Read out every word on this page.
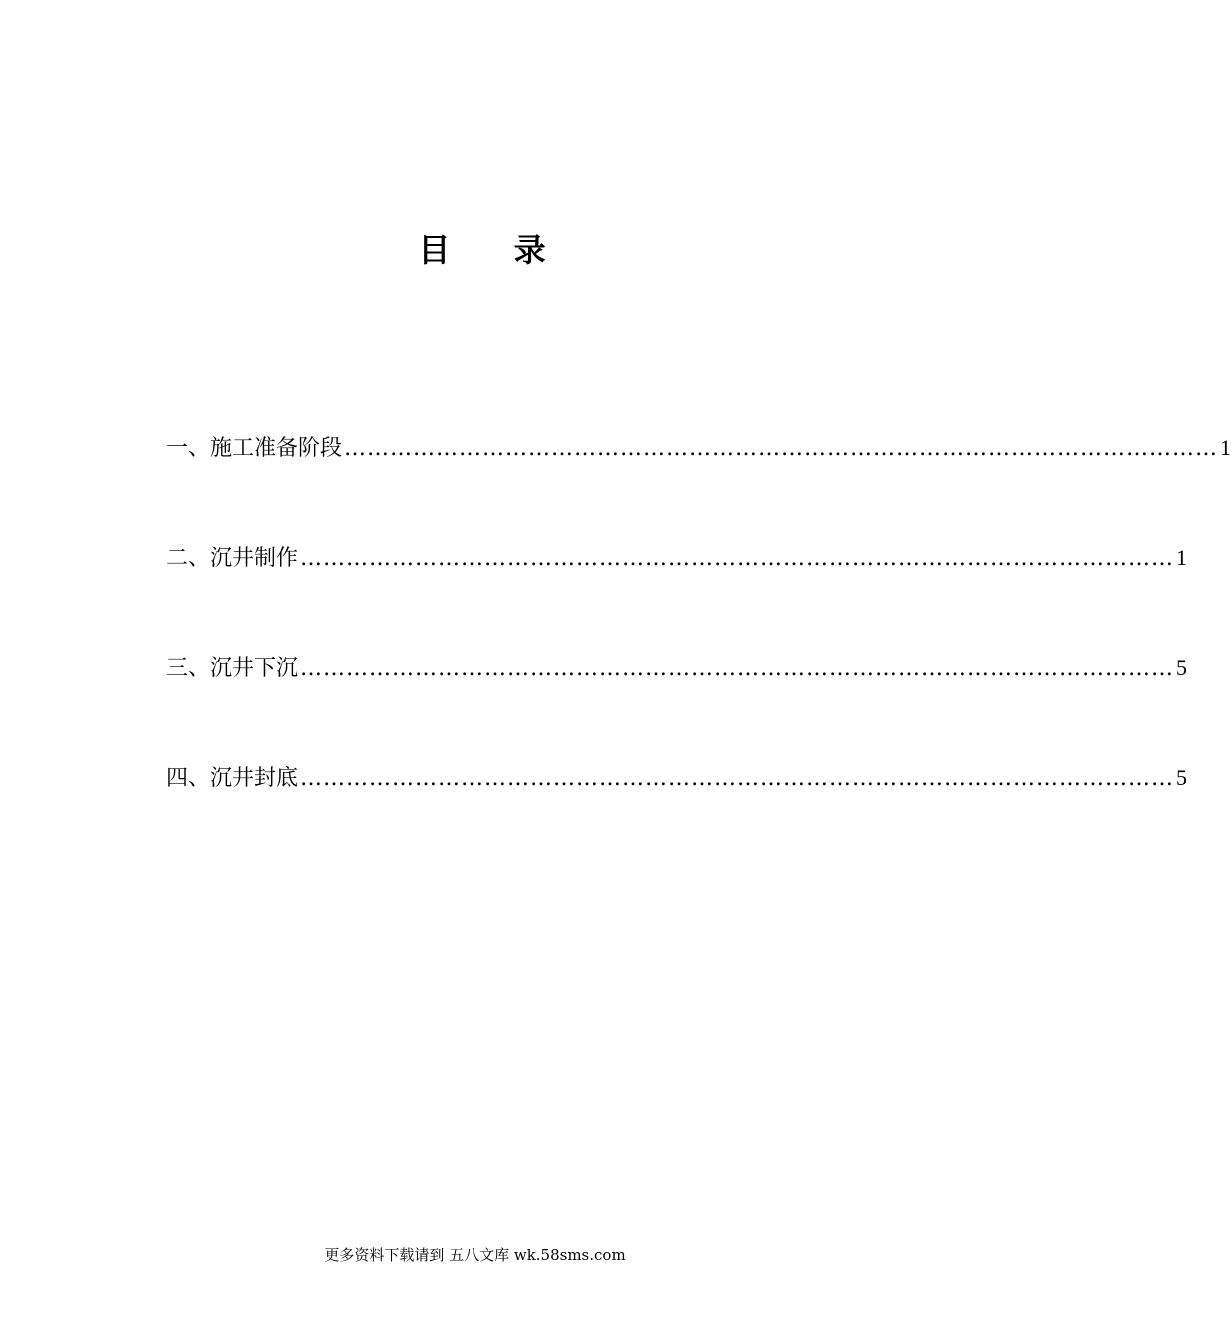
目 录
一、施工准备阶段 …………………………………………………………………………………………………… 1
二、沉井制作 …………………………………………………………………………………………………… 1
三、沉井下沉 …………………………………………………………………………………………………… 5
四、沉井封底 …………………………………………………………………………………………………… 5
更多资料下载请到 五八文库 wk.58sms.com
